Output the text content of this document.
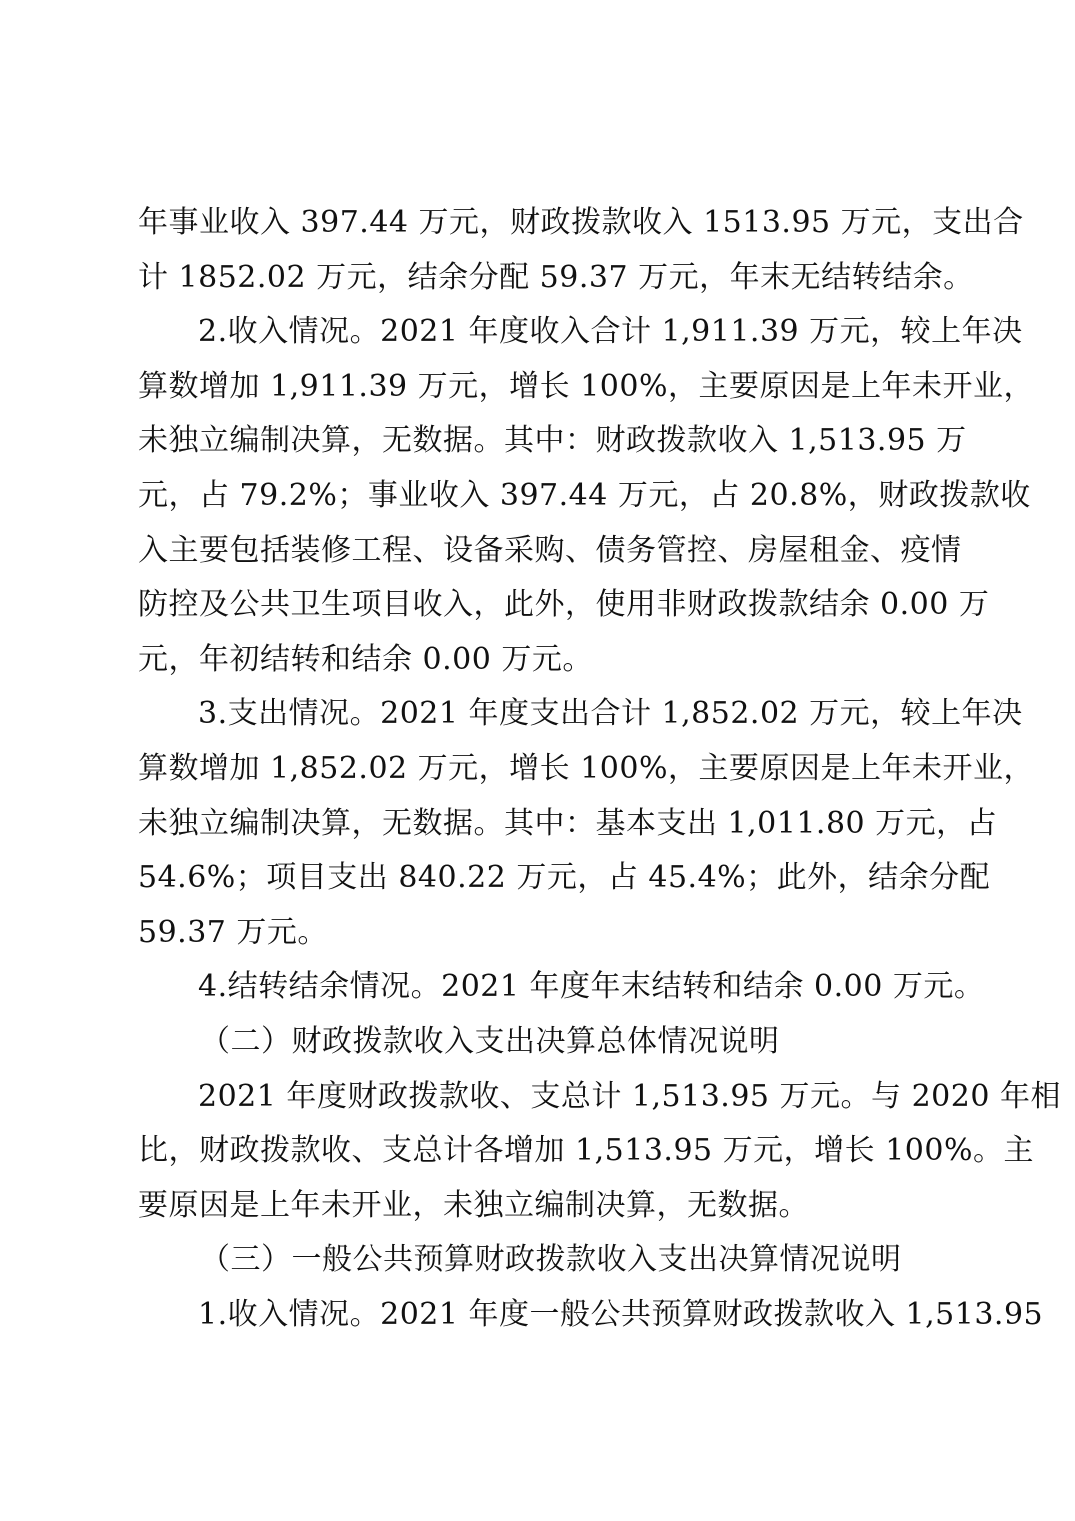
年事业收入 397.44 万元，财政拨款收入 1513.95 万元，支出合
计 1852.02 万元，结余分配 59.37 万元，年末无结转结余。
2.收入情况。2021 年度收入合计 1,911.39 万元，较上年决
算数增加 1,911.39 万元，增长 100%，主要原因是上年未开业，
未独立编制决算，无数据。其中：财政拨款收入 1,513.95 万
元，占 79.2%；事业收入 397.44 万元，占 20.8%，财政拨款收
入主要包括装修工程、设备采购、债务管控、房屋租金、疫情
防控及公共卫生项目收入，此外，使用非财政拨款结余 0.00 万
元，年初结转和结余 0.00 万元。
3.支出情况。2021 年度支出合计 1,852.02 万元，较上年决
算数增加 1,852.02 万元，增长 100%，主要原因是上年未开业，
未独立编制决算，无数据。其中：基本支出 1,011.80 万元，占
54.6%；项目支出 840.22 万元，占 45.4%；此外，结余分配
59.37 万元。
4.结转结余情况。2021 年度年末结转和结余 0.00 万元。
（二）财政拨款收入支出决算总体情况说明
2021 年度财政拨款收、支总计 1,513.95 万元。与 2020 年相
比，财政拨款收、支总计各增加 1,513.95 万元，增长 100%。主
要原因是上年未开业，未独立编制决算，无数据。
（三）一般公共预算财政拨款收入支出决算情况说明
1.收入情况。2021 年度一般公共预算财政拨款收入 1,513.95
